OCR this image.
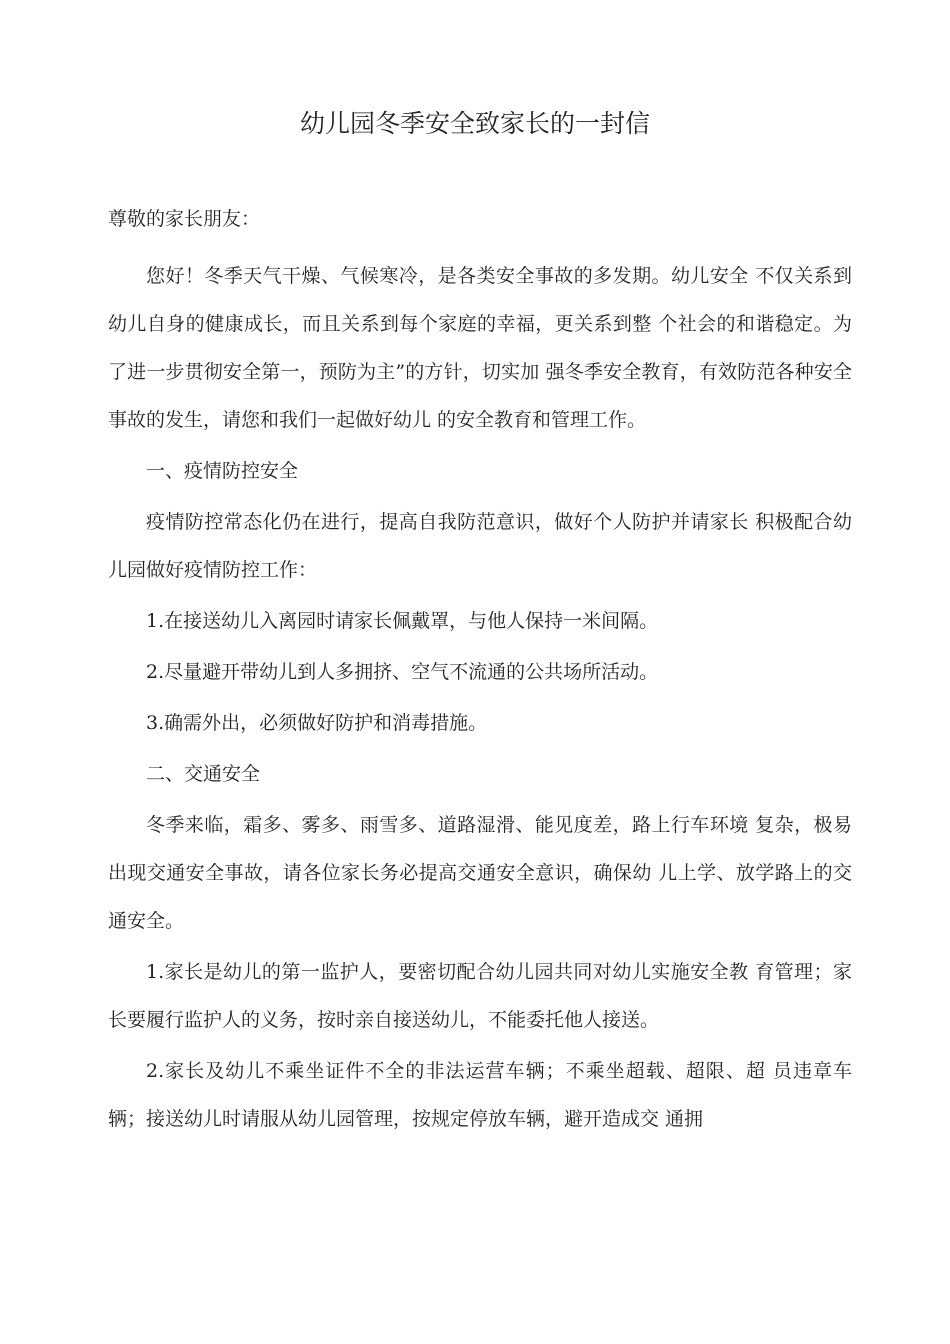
幼儿园冬季安全致家长的一封信
尊敬的家长朋友：

您好！冬季天气干燥、气候寒冷，是各类安全事故的多发期。幼儿安全 不仅关系到幼儿自身的健康成长，而且关系到每个家庭的幸福，更关系到整 个社会的和谐稳定。为了进一步贯彻安全第一，预防为主”的方针，切实加 强冬季安全教育，有效防范各种安全事故的发生，请您和我们一起做好幼儿 的安全教育和管理工作。

一、疫情防控安全

疫情防控常态化仍在进行，提高自我防范意识，做好个人防护并请家长 积极配合幼儿园做好疫情防控工作：

1.在接送幼儿入离园时请家长佩戴罩，与他人保持一米间隔。

2.尽量避开带幼儿到人多拥挤、空气不流通的公共场所活动。

3.确需外出，必须做好防护和消毒措施。

二、交通安全

冬季来临，霜多、雾多、雨雪多、道路湿滑、能见度差，路上行车环境 复杂，极易出现交通安全事故，请各位家长务必提高交通安全意识，确保幼 儿上学、放学路上的交通安全。

1.家长是幼儿的第一监护人，要密切配合幼儿园共同对幼儿实施安全教 育管理；家长要履行监护人的义务，按时亲自接送幼儿，不能委托他人接送。

2.家长及幼儿不乘坐证件不全的非法运营车辆；不乘坐超载、超限、超 员违章车辆；接送幼儿时请服从幼儿园管理，按规定停放车辆，避开造成交 通拥
